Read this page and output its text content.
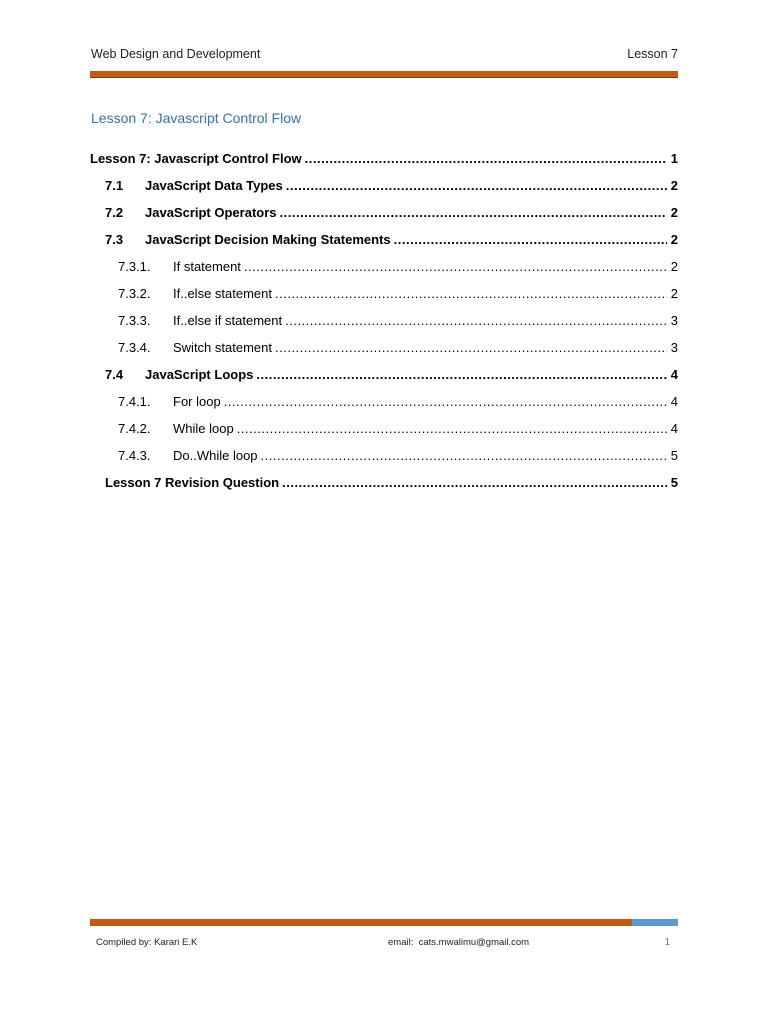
Web Design and Development	Lesson 7
Lesson 7: Javascript Control Flow
Lesson 7: Javascript Control Flow .....	1
7.1	JavaScript Data Types .....	2
7.2	JavaScript Operators .....	2
7.3	JavaScript Decision Making Statements .....	2
7.3.1.	If statement .....	2
7.3.2.	If..else statement .....	2
7.3.3.	If..else if statement .....	3
7.3.4.	Switch statement .....	3
7.4	JavaScript Loops .....	4
7.4.1.	For loop .....	4
7.4.2.	While loop .....	4
7.4.3.	Do..While loop .....	5
Lesson 7 Revision Question .....	5
Compiled by: Karari E.K	email:  cats.mwalimu@gmail.com	1
